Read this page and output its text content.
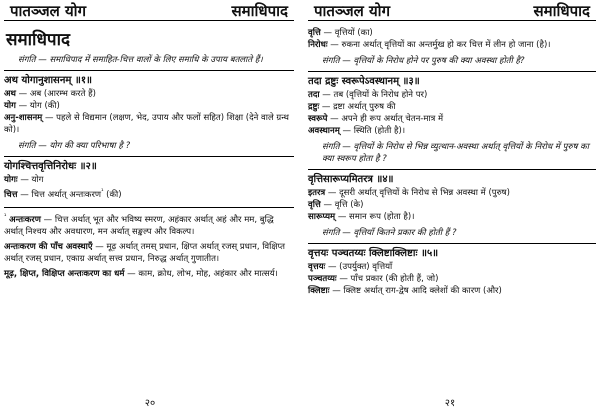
पातञ्जल योग	समाधिपाद
समाधिपाद
संगति — समाधिपाद में समाहित-चित्त वालों के लिए समाधि के उपाय बतलाते हैं।
अथ योगानुशासनम् ॥१॥
अथ — अब (आरम्भ करते हैं)
योग — योग (की)
अनु-शासनम् — पहले से विद्यमान (लक्षण, भेद, उपाय और फलों सहित) शिक्षा (देने वाले ग्रन्थ को)।
संगति — योग की क्या परिभाषा है ?
योगश्चित्तवृत्तिनिरोधः ॥२॥
योगः — योग
चित्त — चित्त अर्थात् अन्तःकरण$^{^1}$ (की)
$^{^1}$ अन्तःकरण — चित्त अर्थात् भूत और भविष्य स्मरण, अहंकार अर्थात् अहं और मम, बुद्धि अर्थात् निश्चय और अवधारण, मन अर्थात् सङ्कल्प और विकल्प।
अन्तःकरण की पाँच अवस्थाएँ — मूढ़ अर्थात् तमस् प्रधान, क्षिप्त अर्थात् रजस् प्रधान, विक्षिप्त अर्थात् रजस् प्रधान, एकाग्र अर्थात् सत्त्व प्रधान, निरुद्ध अर्थात् गुणातीत।
मूढ़, क्षिप्त, विक्षिप्त अन्तःकरण का धर्म — काम, क्रोध, लोभ, मोह, अहंकार और मात्सर्य।
२०
पातञ्जल योग	समाधिपाद
वृत्ति — वृत्तियों (का)
निरोधः — रुकना अर्थात् वृत्तियों का अन्तर्मुख हो कर चित्त में लीन हो जाना (है)।
संगति — वृत्तियों के निरोध होने पर पुरुष की क्या अवस्था होती है?
तदा द्रष्टुः स्वरूपेऽवस्थानम् ॥३॥
तदा — तब (वृत्तियों के निरोध होने पर)
द्रष्टुः — द्रष्टा अर्थात् पुरुष की
स्वरूपे — अपने ही रूप अर्थात् चेतन-मात्र में
अवस्थानम् — स्थिति (होती है)।
संगति — वृत्तियों के निरोध से भिन्न व्युत्थान-अवस्था अर्थात् वृत्तियों के निरोध में पुरुष का क्या स्वरूप होता है ?
वृत्तिसारूप्यमितरत्र ॥४॥
इतरत्र — दूसरी अर्थात् वृत्तियों के निरोध से भिन्न अवस्था में (पुरुष)
वृत्ति — वृत्ति (के)
सारूप्यम् — समान रूप (होता है)।
संगति — वृत्तियाँ कितने प्रकार की होती हैं ?
वृत्तयः पञ्चतय्यः क्लिष्टाक्लिष्टाः ॥५॥
वृत्तयः — (उपर्युक्त) वृत्तियाँ
पञ्चतय्यः — पाँच प्रकार (की होती हैं, जो)
क्लिष्टाः — क्लिष्ट अर्थात् राग-द्वेष आदि क्लेशों की कारण (और)
२१
